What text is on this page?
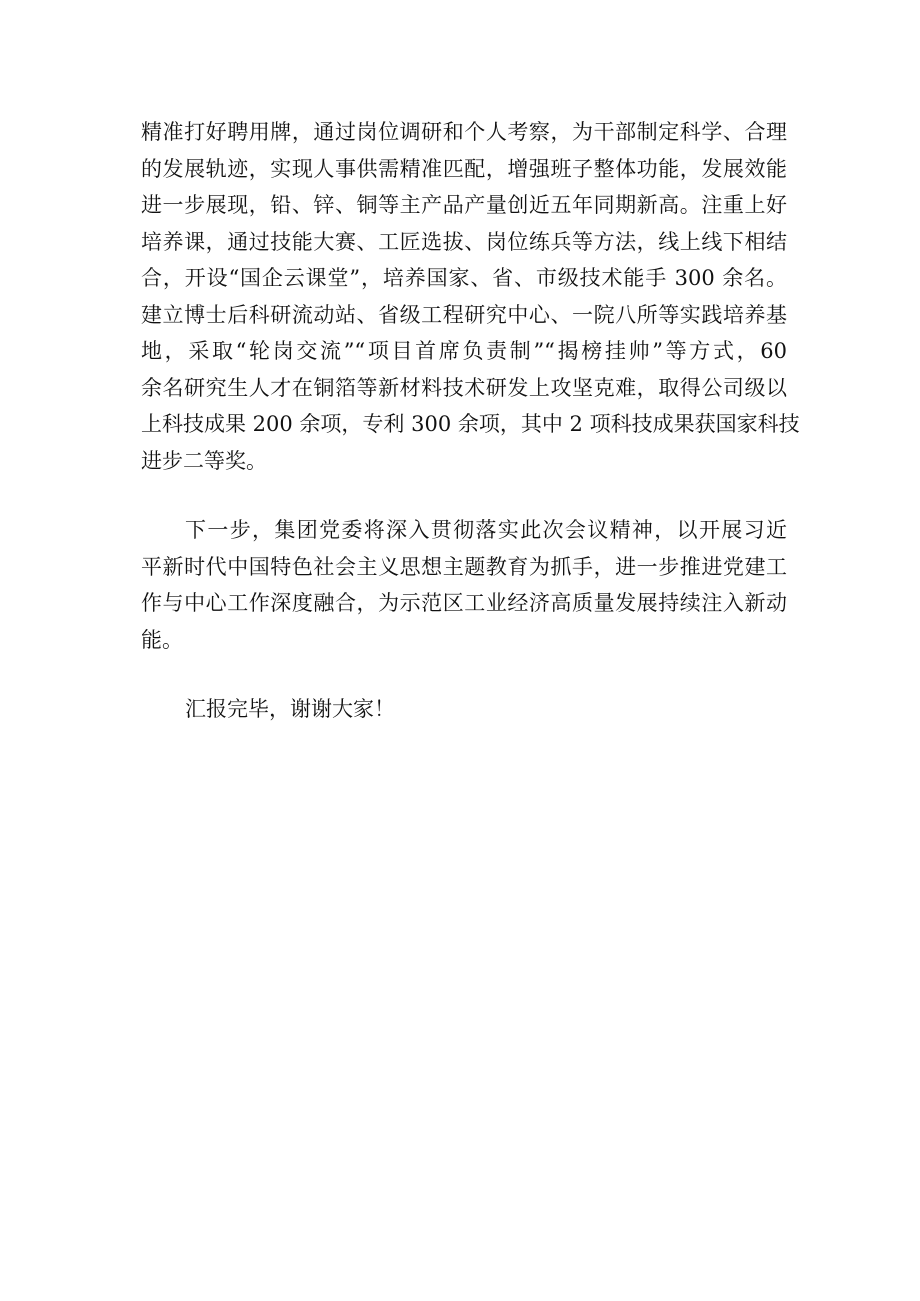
精准打好聘用牌，通过岗位调研和个人考察，为干部制定科学、合理
的发展轨迹，实现人事供需精准匹配，增强班子整体功能，发展效能
进一步展现，铅、锌、铜等主产品产量创近五年同期新高。注重上好
培养课，通过技能大赛、工匠选拔、岗位练兵等方法，线上线下相结
合，开设“国企云课堂”，培养国家、省、市级技术能手 300 余名。
建立博士后科研流动站、省级工程研究中心、一院八所等实践培养基
地，采取“轮岗交流”“项目首席负责制”“揭榜挂帅”等方式，60
余名研究生人才在铜箔等新材料技术研发上攻坚克难，取得公司级以
上科技成果 200 余项，专利 300 余项，其中 2 项科技成果获国家科技
进步二等奖。
下一步，集团党委将深入贯彻落实此次会议精神，以开展习近
平新时代中国特色社会主义思想主题教育为抓手，进一步推进党建工
作与中心工作深度融合，为示范区工业经济高质量发展持续注入新动
能。
汇报完毕，谢谢大家！
